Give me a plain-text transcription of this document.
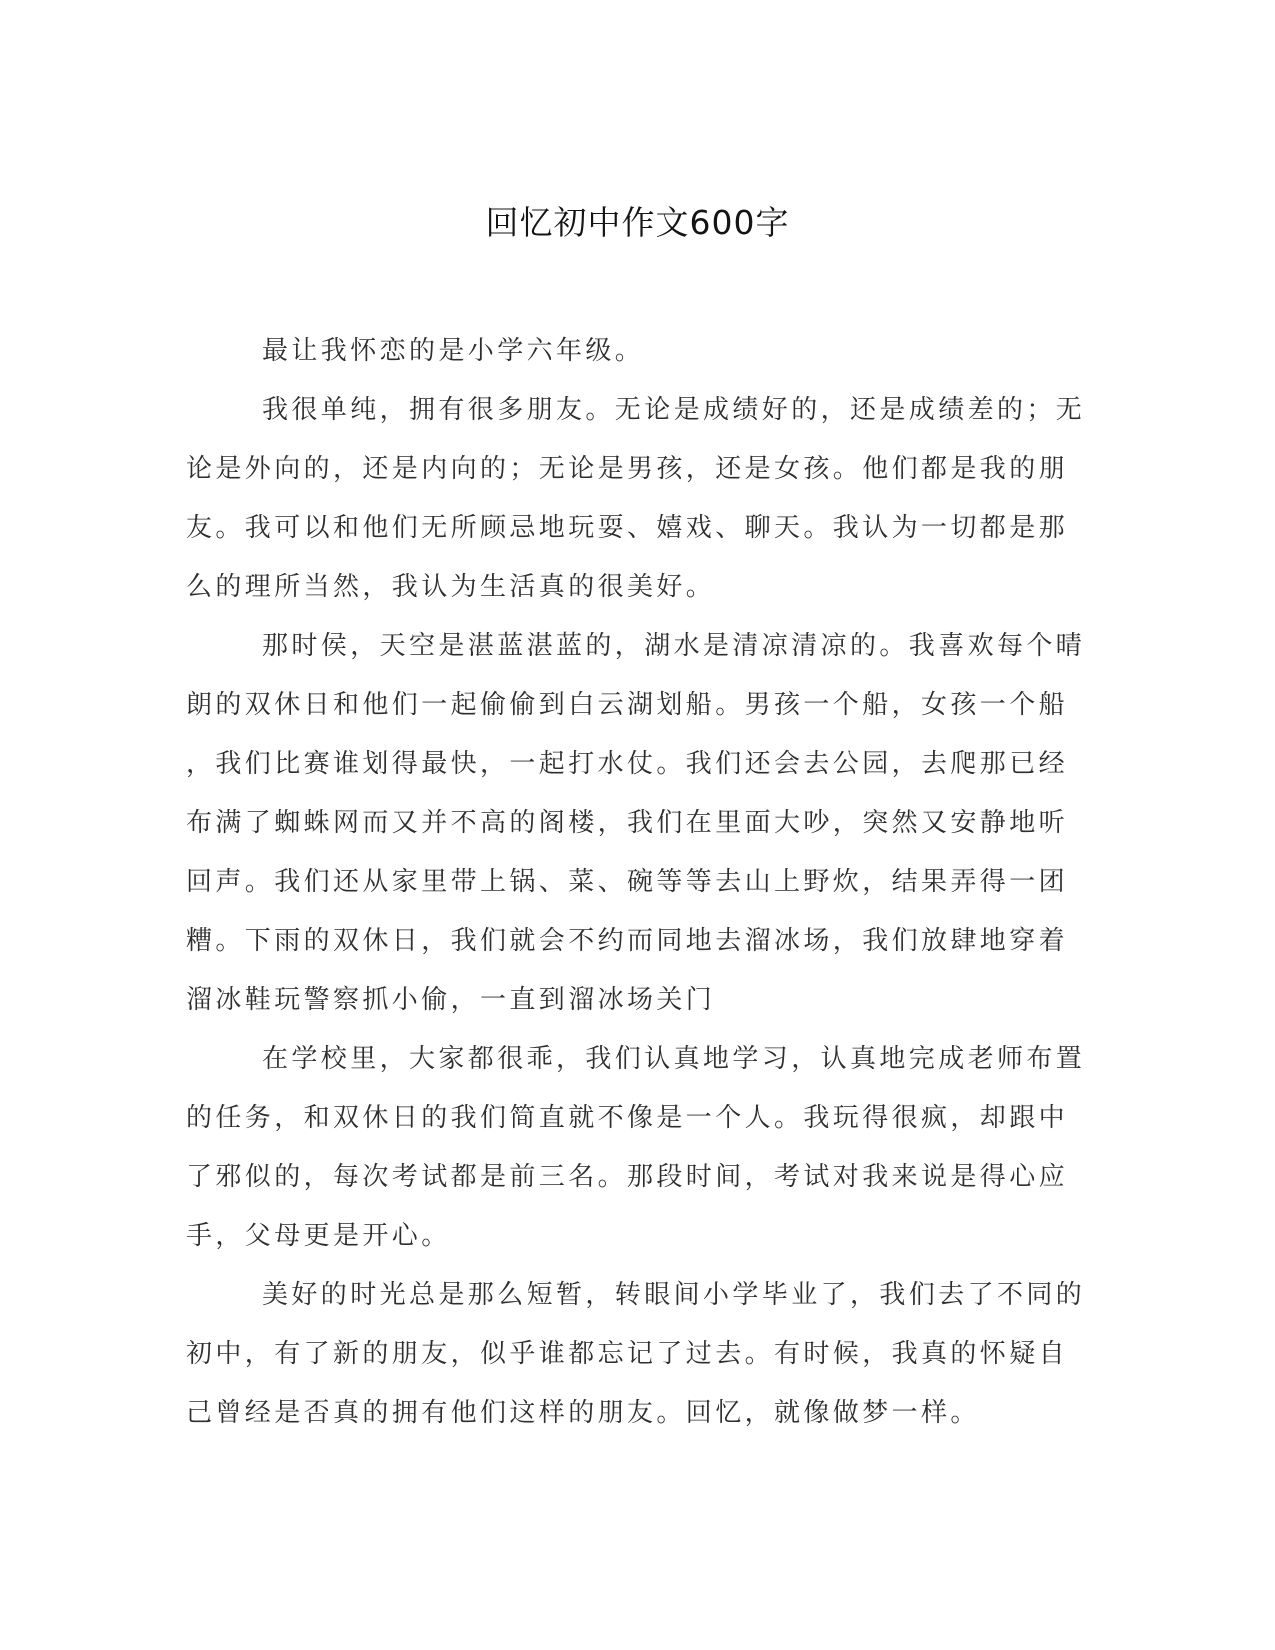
回忆初中作文600字
最让我怀恋的是小学六年级。
我很单纯，拥有很多朋友。无论是成绩好的，还是成绩差的；无
论是外向的，还是内向的；无论是男孩，还是女孩。他们都是我的朋
友。我可以和他们无所顾忌地玩耍、嬉戏、聊天。我认为一切都是那
么的理所当然，我认为生活真的很美好。
那时侯，天空是湛蓝湛蓝的，湖水是清凉清凉的。我喜欢每个晴
朗的双休日和他们一起偷偷到白云湖划船。男孩一个船，女孩一个船
，我们比赛谁划得最快，一起打水仗。我们还会去公园，去爬那已经
布满了蜘蛛网而又并不高的阁楼，我们在里面大吵，突然又安静地听
回声。我们还从家里带上锅、菜、碗等等去山上野炊，结果弄得一团
糟。下雨的双休日，我们就会不约而同地去溜冰场，我们放肆地穿着
溜冰鞋玩警察抓小偷，一直到溜冰场关门
在学校里，大家都很乖，我们认真地学习，认真地完成老师布置
的任务，和双休日的我们简直就不像是一个人。我玩得很疯，却跟中
了邪似的，每次考试都是前三名。那段时间，考试对我来说是得心应
手，父母更是开心。
美好的时光总是那么短暂，转眼间小学毕业了，我们去了不同的
初中，有了新的朋友，似乎谁都忘记了过去。有时候，我真的怀疑自
己曾经是否真的拥有他们这样的朋友。回忆，就像做梦一样。
